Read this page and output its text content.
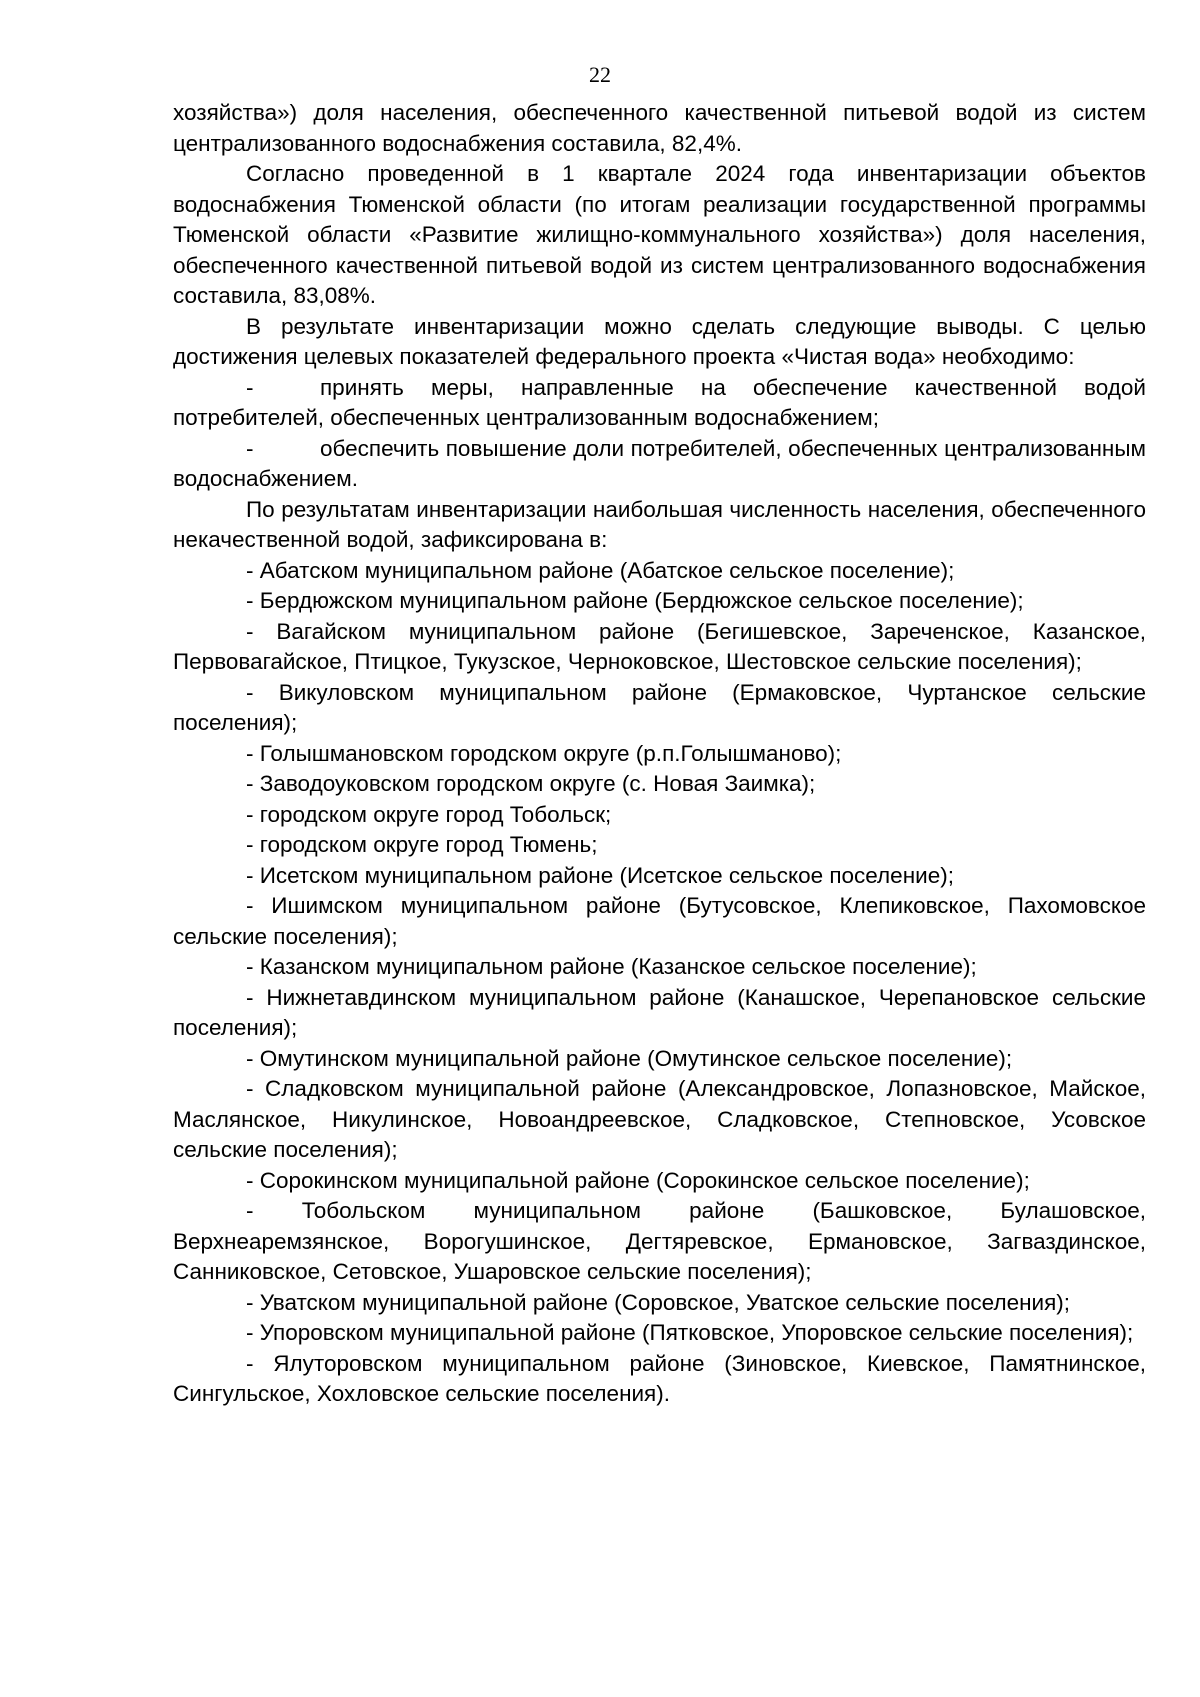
22

хозяйства») доля населения, обеспеченного качественной питьевой водой из систем централизованного водоснабжения составила, 82,4%.

Согласно проведенной в 1 квартале 2024 года инвентаризации объектов водоснабжения Тюменской области (по итогам реализации государственной программы Тюменской области «Развитие жилищно-коммунального хозяйства») доля населения, обеспеченного качественной питьевой водой из систем централизованного водоснабжения составила, 83,08%.

В результате инвентаризации можно сделать следующие выводы. С целью достижения целевых показателей федерального проекта «Чистая вода» необходимо:

-	принять меры, направленные на обеспечение качественной водой потребителей, обеспеченных централизованным водоснабжением;

-	обеспечить повышение доли потребителей, обеспеченных централизованным водоснабжением.

По результатам инвентаризации наибольшая численность населения, обеспеченного некачественной водой, зафиксирована в:

- Абатском муниципальном районе (Абатское сельское поселение);

- Бердюжском муниципальном районе (Бердюжское сельское поселение);

- Вагайском муниципальном районе (Бегишевское, Зареченское, Казанское, Первовагайское, Птицкое, Тукузское, Черноковское, Шестовское сельские поселения);

- Викуловском муниципальном районе (Ермаковское, Чуртанское сельские поселения);

- Голышмановском городском округе (р.п.Голышманово);

- Заводоуковском городском округе (с. Новая Заимка);

- городском округе город Тобольск;

- городском округе город Тюмень;

- Исетском муниципальном районе (Исетское сельское поселение);

- Ишимском муниципальном районе (Бутусовское, Клепиковское, Пахомовское сельские поселения);

- Казанском муниципальном районе (Казанское сельское поселение);

- Нижнетавдинском муниципальном районе (Канашское, Черепановское сельские поселения);

- Омутинском муниципальной районе (Омутинское сельское поселение);

- Сладковском муниципальной районе (Александровское, Лопазновское, Майское, Маслянское, Никулинское, Новоандреевское, Сладковское, Степновское, Усовское сельские поселения);

- Сорокинском муниципальной районе (Сорокинское сельское поселение);

- Тобольском муниципальном районе (Башковское, Булашовское, Верхнеаремзянское, Ворогушинское, Дегтяревское, Ермановское, Загваздинское, Санниковское, Сетовское, Ушаровское сельские поселения);

- Уватском муниципальной районе (Соровское, Уватское сельские поселения);

- Упоровском муниципальной районе (Пятковское, Упоровское сельские поселения);

- Ялуторовском муниципальном районе (Зиновское, Киевское, Памятнинское, Сингульское, Хохловское сельские поселения).
